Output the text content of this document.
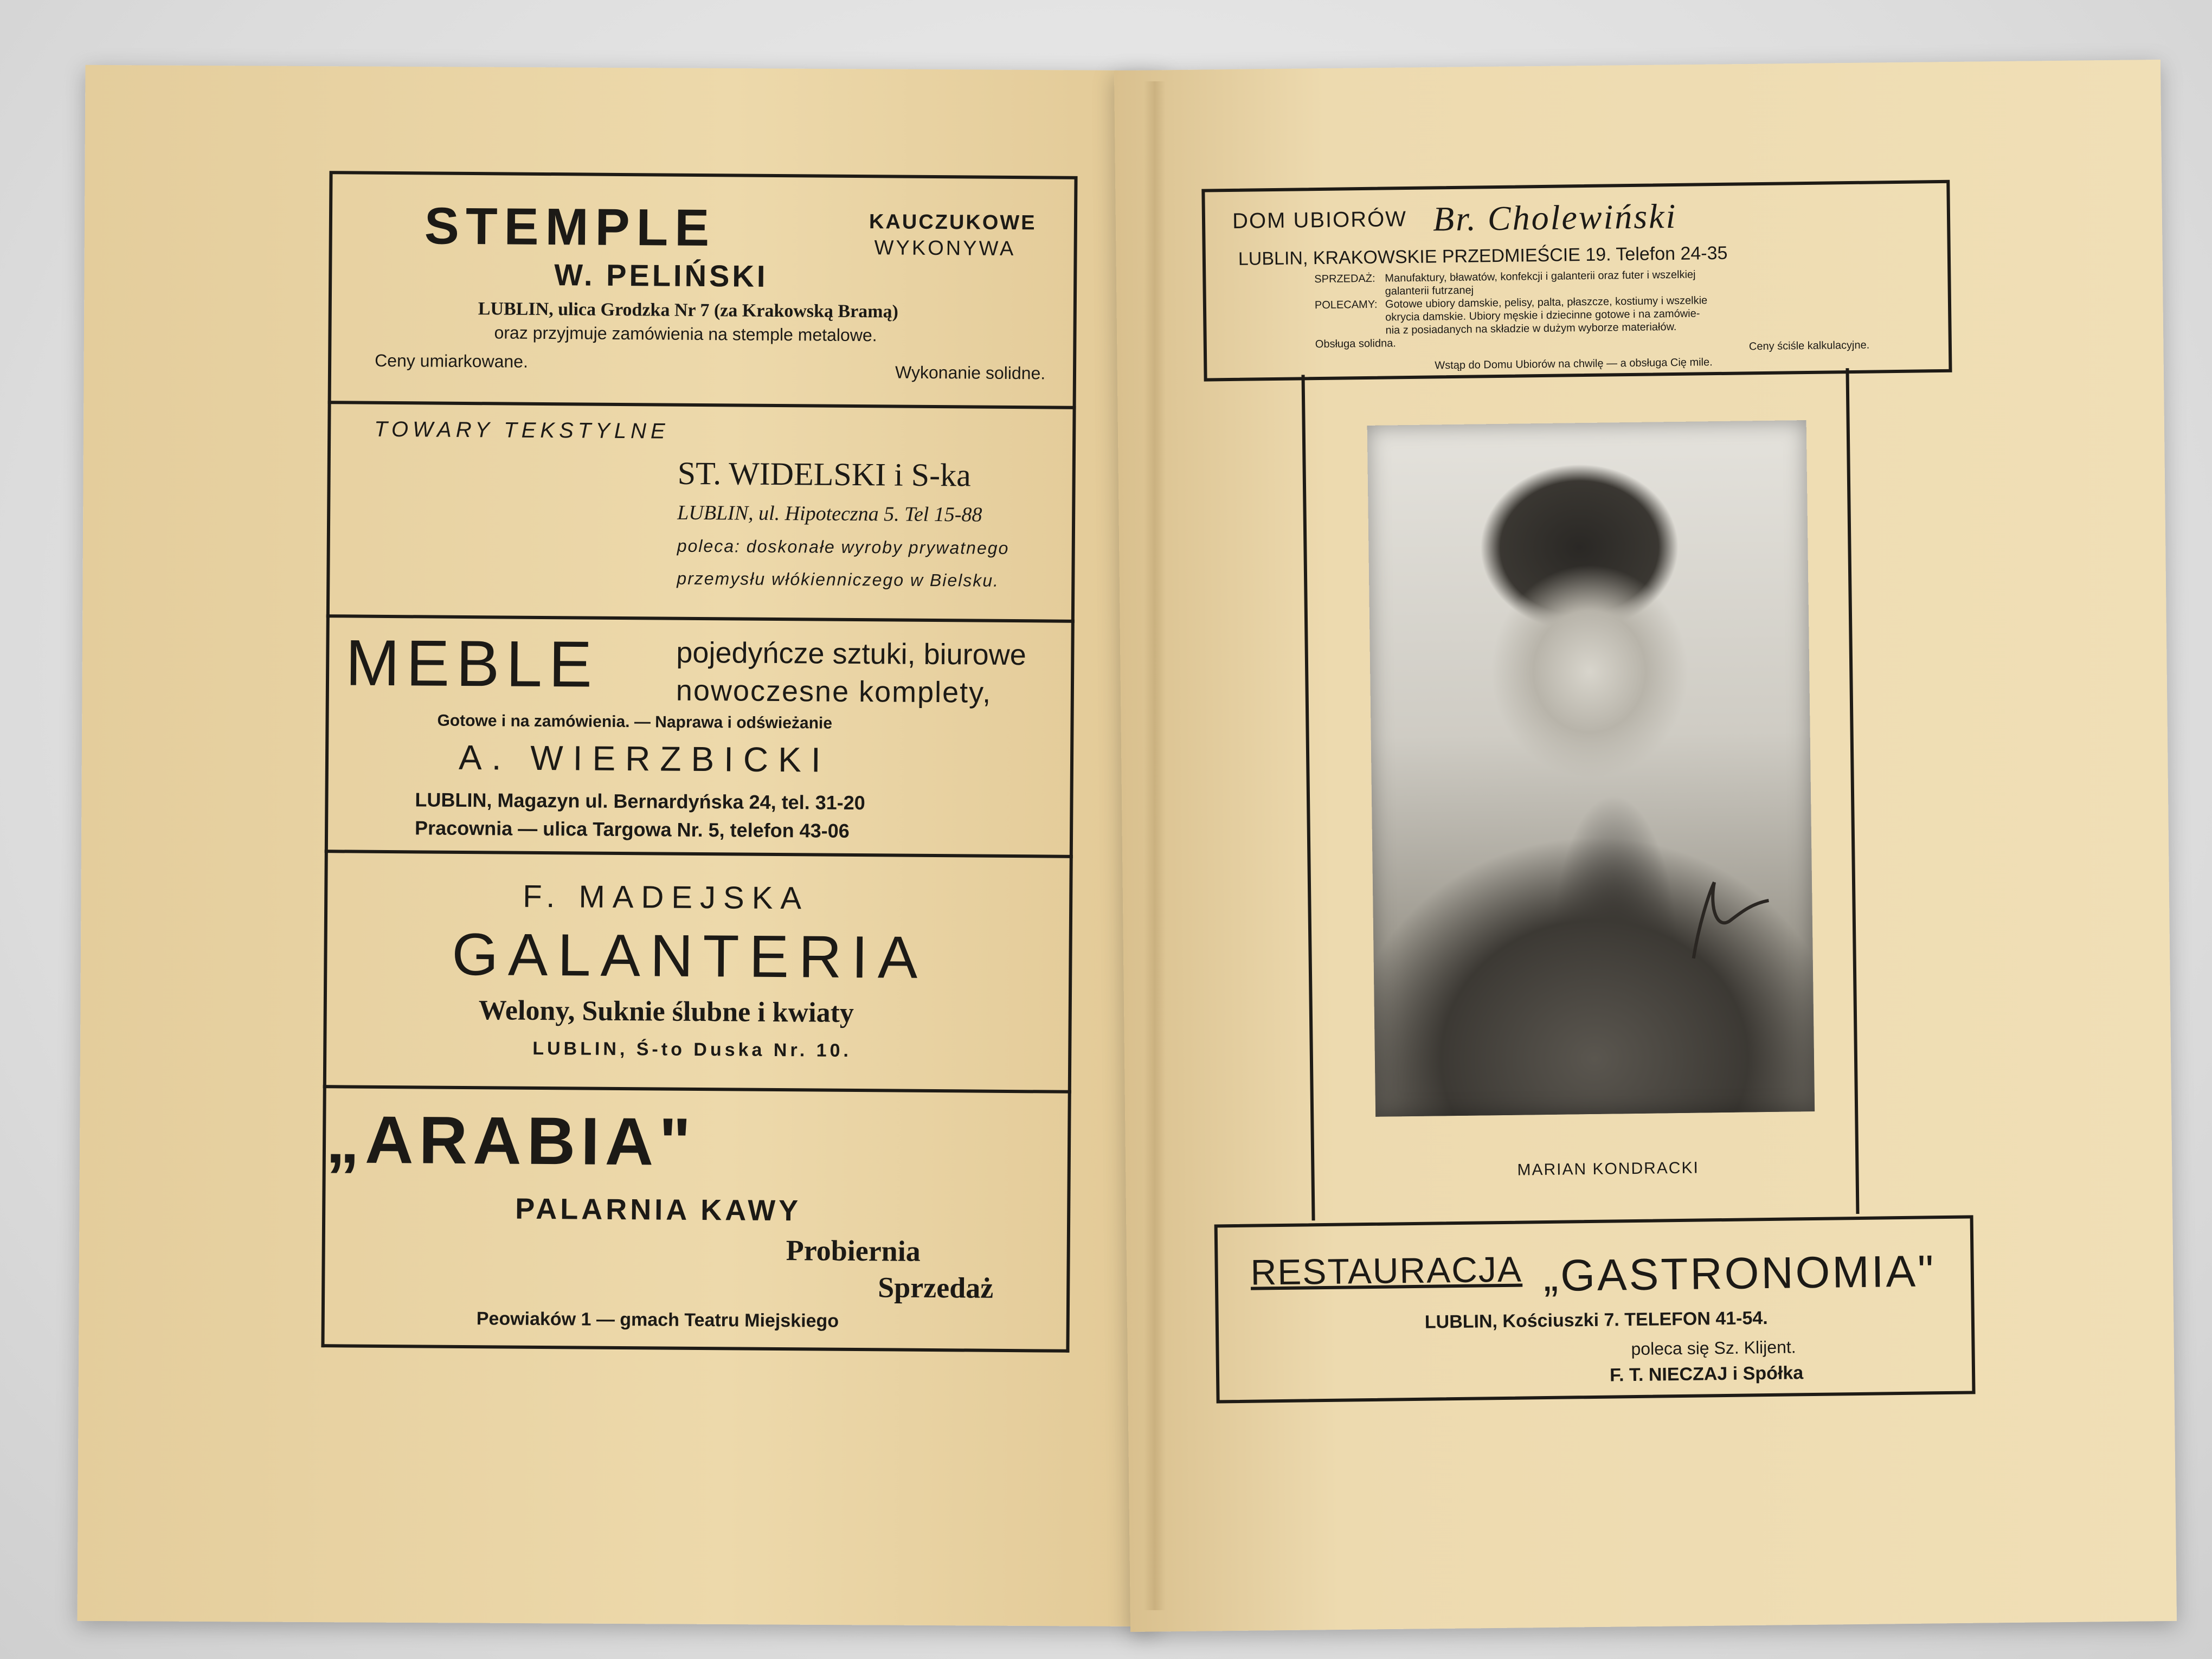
STEMPLE	KAUCZUKOWE
WYKONYWA
W. PELIŃSKI
LUBLIN, ulica Grodzka Nr 7 (za Krakowską Bramą)
oraz przyjmuje zamówienia na stemple metalowe.
Ceny umiarkowane.
Wykonanie solidne.
TOWARY TEKSTYLNE
ST. WIDELSKI i S-ka
LUBLIN, ul. Hipoteczna 5. Tel 15-88
poleca: doskonałe wyroby prywatnego
przemysłu włókienniczego w Bielsku.
MEBLE	pojedyńcze sztuki, biurowe
nowoczesne komplety,
Gotowe i na zamówienia. — Naprawa i odświeżanie
A. WIERZBICKI
LUBLIN, Magazyn ul. Bernardyńska 24, tel. 31-20
Pracownia — ulica Targowa Nr. 5, telefon 43-06
F. MADEJSKA
GALANTERIA
Welony, Suknie ślubne i kwiaty
LUBLIN, Ś-to Duska Nr. 10.
„ARABIA"
PALARNIA KAWY
Probiernia
Sprzedaż
Peowiaków 1 — gmach Teatru Miejskiego
DOM UBIORÓW Br. Cholewiński
LUBLIN, KRAKOWSKIE PRZEDMIEŚCIE 19. Telefon 24-35
SPRZEDAŻ: Manufaktury, bławatów, konfekcji i galanterii oraz futer i wszelkiej
galanterii futrzanej
POLECAMY: Gotowe ubiory damskie, pelisy, palta, płaszcze, kostiumy i wszelkie
okrycia damskie. Ubiory męskie i dziecinne gotowe i na zamówie-
nia z posiadanych na składzie w dużym wyborze materiałów.
Obsługa solidna.	Ceny ściśle kalkulacyjne.
Wstąp do Domu Ubiorów na chwilę — a obsługa Cię mile.
MARIAN KONDRACKI
RESTAURACJA „GASTRONOMIA"
LUBLIN, Kościuszki 7. TELEFON 41-54.
poleca się Sz. Klijent.
F. T. NIECZAJ i Spółka
